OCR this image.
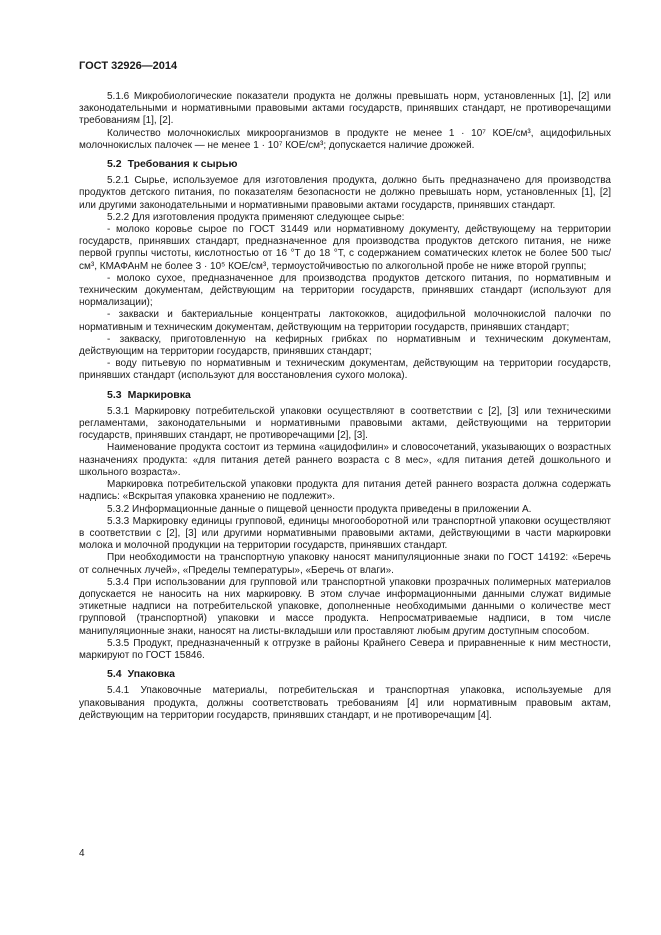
ГОСТ 32926—2014

5.1.6 Микробиологические показатели продукта не должны превышать норм, установленных [1], [2] или законодательными и нормативными правовыми актами государств, принявших стандарт, не противоречащими требованиям [1], [2].

Количество молочнокислых микроорганизмов в продукте не менее 1 · 10⁷ КОЕ/см³, ацидофильных молочнокислых палочек — не менее 1 · 10⁷ КОЕ/см³; допускается наличие дрожжей.

5.2 Требования к сырью

5.2.1 Сырье, используемое для изготовления продукта, должно быть предназначено для производства продуктов детского питания, по показателям безопасности не должно превышать норм, установленных [1], [2] или другими законодательными и нормативными правовыми актами государств, принявших стандарт.

5.2.2 Для изготовления продукта применяют следующее сырье:

- молоко коровье сырое по ГОСТ 31449 или нормативному документу, действующему на территории государств, принявших стандарт, предназначенное для производства продуктов детского питания, не ниже первой группы чистоты, кислотностью от 16 °Т до 18 °Т, с содержанием соматических клеток не более 500 тыс/см³, КМАФАнМ не более 3 · 10⁵ КОЕ/см³, термоустойчивостью по алкогольной пробе не ниже второй группы;

- молоко сухое, предназначенное для производства продуктов детского питания, по нормативным и техническим документам, действующим на территории государств, принявших стандарт (используют для нормализации);

- закваски и бактериальные концентраты лактококков, ацидофильной молочнокислой палочки по нормативным и техническим документам, действующим на территории государств, принявших стандарт;

- закваску, приготовленную на кефирных грибках по нормативным и техническим документам, действующим на территории государств, принявших стандарт;

- воду питьевую по нормативным и техническим документам, действующим на территории государств, принявших стандарт (используют для восстановления сухого молока).

5.3 Маркировка

5.3.1 Маркировку потребительской упаковки осуществляют в соответствии с [2], [3] или техническими регламентами, законодательными и нормативными правовыми актами, действующими на территории государств, принявших стандарт, не противоречащими [2], [3].

Наименование продукта состоит из термина «ацидофилин» и словосочетаний, указывающих о возрастных назначениях продукта: «для питания детей раннего возраста с 8 мес», «для питания детей дошкольного и школьного возраста».

Маркировка потребительской упаковки продукта для питания детей раннего возраста должна содержать надпись: «Вскрытая упаковка хранению не подлежит».

5.3.2 Информационные данные о пищевой ценности продукта приведены в приложении А.

5.3.3 Маркировку единицы групповой, единицы многооборотной или транспортной упаковки осуществляют в соответствии с [2], [3] или другими нормативными правовыми актами, действующими в части маркировки молока и молочной продукции на территории государств, принявших стандарт.

При необходимости на транспортную упаковку наносят манипуляционные знаки по ГОСТ 14192: «Беречь от солнечных лучей», «Пределы температуры», «Беречь от влаги».

5.3.4 При использовании для групповой или транспортной упаковки прозрачных полимерных материалов допускается не наносить на них маркировку. В этом случае информационными данными служат видимые этикетные надписи на потребительской упаковке, дополненные необходимыми данными о количестве мест групповой (транспортной) упаковки и массе продукта. Непросматриваемые надписи, в том числе манипуляционные знаки, наносят на листы-вкладыши или проставляют любым другим доступным способом.

5.3.5 Продукт, предназначенный к отгрузке в районы Крайнего Севера и приравненные к ним местности, маркируют по ГОСТ 15846.

5.4 Упаковка

5.4.1 Упаковочные материалы, потребительская и транспортная упаковка, используемые для упаковывания продукта, должны соответствовать требованиям [4] или нормативным правовым актам, действующим на территории государств, принявших стандарт, и не противоречащим [4].

4
